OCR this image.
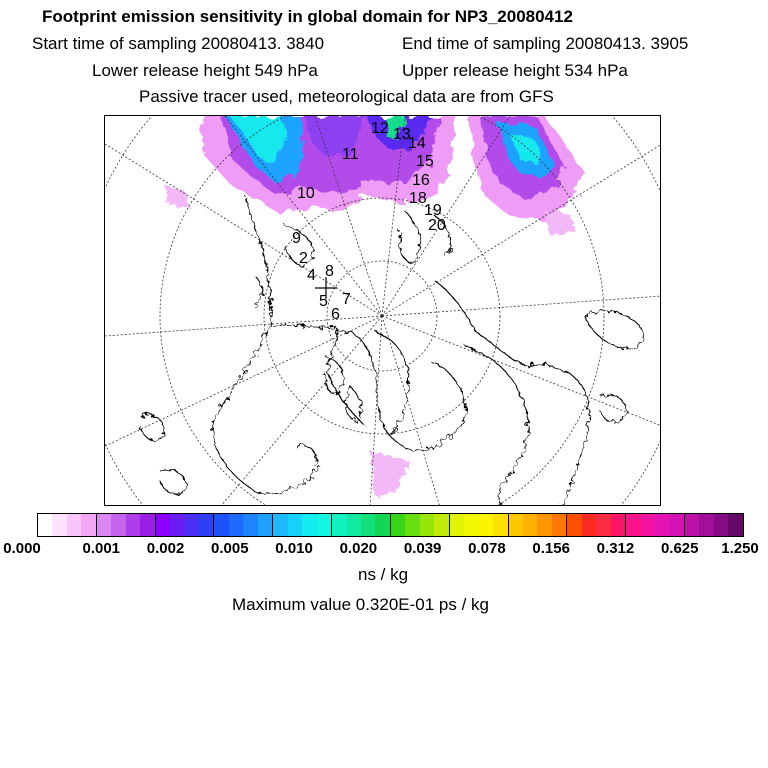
Footprint emission sensitivity in global domain for NP3_20080412
Start time of sampling 20080413. 3840	End time of sampling 20080413. 3905
Lower release height 549 hPa	Upper release height 534 hPa
Passive tracer used, meteorological data are from GFS
4
5
6
7
8
9
2
10
11
12 13
14
15
16
18
19
20
0.000	0.001 0.002 0.005 0.010 0.020 0.039 0.078 0.156 0.312 0.625 1.250
ns / kg
Maximum value 0.320E-01 ps / kg
